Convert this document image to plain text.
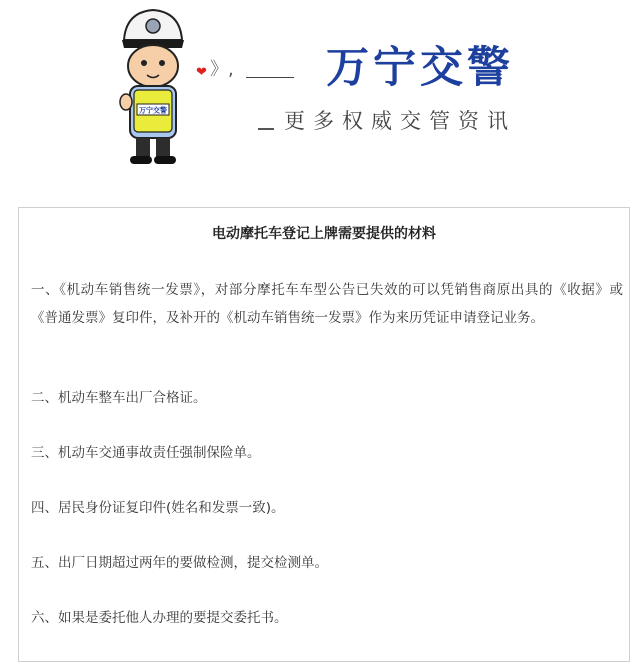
万宁交警
❤ 》, 万宁交警
更多权威交管资讯
电动摩托车登记上牌需要提供的材料

一、《机动车销售统一发票》，对部分摩托车车型公告已失效的可以凭销售商原出具的《收据》或《普通发票》复印件，及补开的《机动车销售统一发票》作为来历凭证申请登记业务。

二、机动车整车出厂合格证。

三、机动车交通事故责任强制保险单。

四、居民身份证复印件(姓名和发票一致)。

五、出厂日期超过两年的要做检测，提交检测单。

六、如果是委托他人办理的要提交委托书。
